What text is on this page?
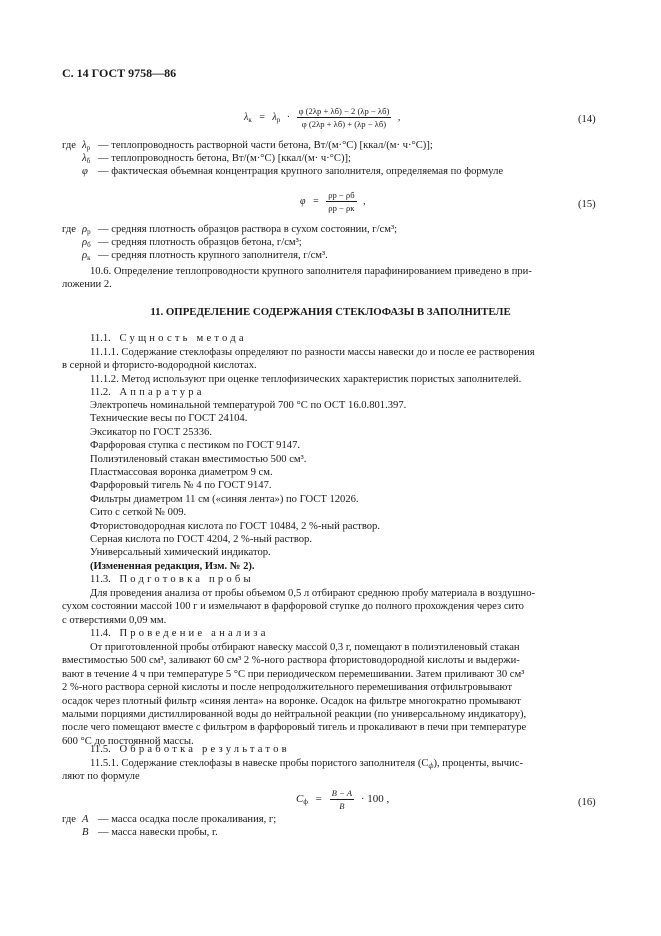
С. 14 ГОСТ 9758—86
$\lambda_к = \lambda_р \cdot \frac{\varphi (2\lambda р + \lambda б) - 2 (\lambda р - \lambda б)}{\varphi (2\lambda р + \lambda б) + (\lambda р - \lambda б)}$ ,	(14)
где $\lambda_р$ — теплопроводность растворной части бетона, Вт/(м·°С) [ккал/(м· ч·°С)];
$\lambda_б$ — теплопроводность бетона, Вт/(м·°С) [ккал/(м· ч·°С)];
φ — фактическая объемная концентрация крупного заполнителя, определяемая по формуле
$\varphi = \frac{\rho р - \rho б}{\rho р - \rho к}$ ,	(15)
где $\rho_р$ — средняя плотность образцов раствора в сухом состоянии, г/см³;
$\rho_б$ — средняя плотность образцов бетона, г/см³;
$\rho_к$ — средняя плотность крупного заполнителя, г/см³.
10.6. Определение теплопроводности крупного заполнителя парафинированием приведено в при-
ложении 2.
11. ОПРЕДЕЛЕНИЕ СОДЕРЖАНИЯ СТЕКЛОФАЗЫ В ЗАПОЛНИТЕЛЕ
11.1. Сущность метода
11.1.1. Содержание стеклофазы определяют по разности массы навески до и после ее растворения
в серной и фтористо-водородной кислотах.
11.1.2. Метод используют при оценке теплофизических характеристик пористых заполнителей.
11.2. Аппаратура
Электропечь номинальной температурой 700 °С по ОСТ 16.0.801.397.
Технические весы по ГОСТ 24104.
Эксикатор по ГОСТ 25336.
Фарфоровая ступка с пестиком по ГОСТ 9147.
Полиэтиленовый стакан вместимостью 500 см³.
Пластмассовая воронка диаметром 9 см.
Фарфоровый тигель № 4 по ГОСТ 9147.
Фильтры диаметром 11 см («синяя лента») по ГОСТ 12026.
Сито с сеткой № 009.
Фтористоводородная кислота по ГОСТ 10484, 2 %-ный раствор.
Серная кислота по ГОСТ 4204, 2 %-ный раствор.
Универсальный химический индикатор.
(Измененная редакция, Изм. № 2).
11.3. Подготовка пробы
Для проведения анализа от пробы объемом 0,5 л отбирают среднюю пробу материала в воздушно-
сухом состоянии массой 100 г и измельчают в фарфоровой ступке до полного прохождения через сито
с отверстиями 0,09 мм.
11.4. Проведение анализа
От приготовленной пробы отбирают навеску массой 0,3 г, помещают в полиэтиленовый стакан
вместимостью 500 см³, заливают 60 см³ 2 %-ного раствора фтористоводородной кислоты и выдержи-
вают в течение 4 ч при температуре 5 °С при периодическом перемешивании. Затем приливают 30 см³
2 %-ного раствора серной кислоты и после непродолжительного перемешивания отфильтровывают
осадок через плотный фильтр «синяя лента» на воронке. Осадок на фильтре многократно промывают
малыми порциями дистиллированной воды до нейтральной реакции (по универсальному индикатору),
после чего помещают вместе с фильтром в фарфоровый тигель и прокаливают в печи при температуре
600 °С до постоянной массы.
11.5. Обработка результатов
11.5.1. Содержание стеклофазы в навеске пробы пористого заполнителя $(С_ф)$, проценты, вычис-
ляют по формуле
$C_ф = \frac{B - A}{B} \cdot 100$ ,	(16)
где A — масса осадка после прокаливания, г;
B — масса навески пробы, г.
